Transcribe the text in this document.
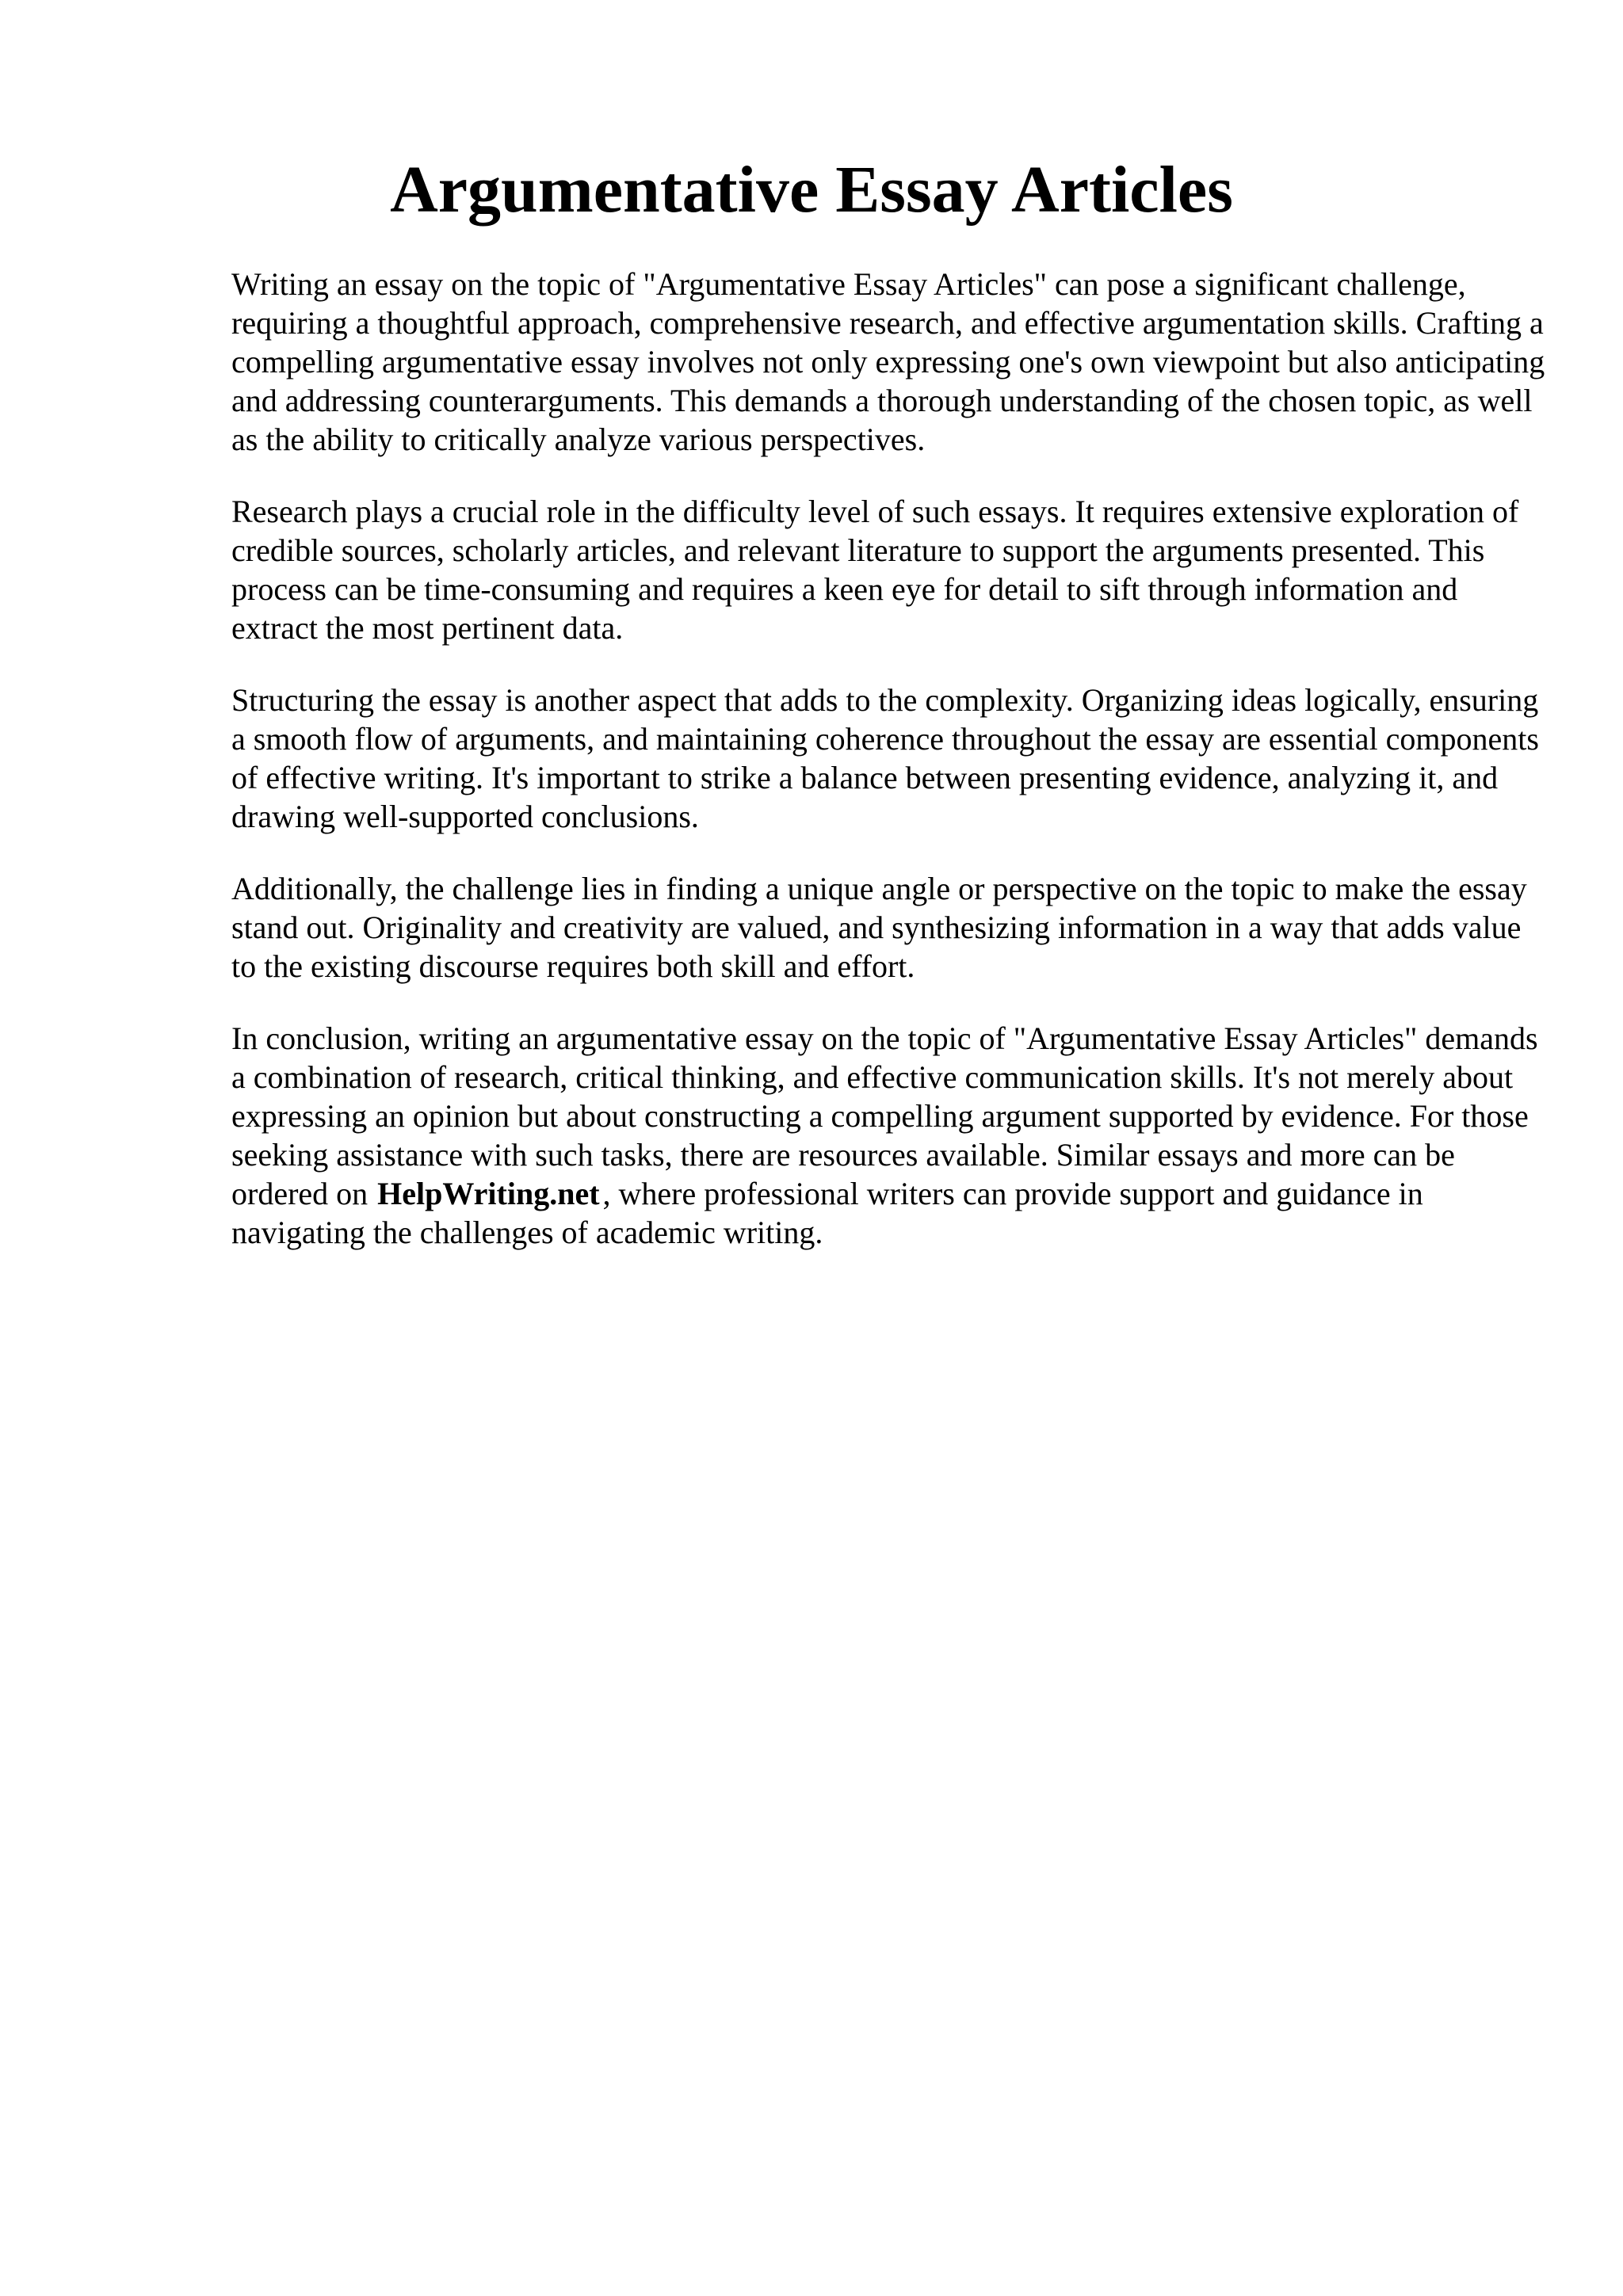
Argumentative Essay Articles

Writing an essay on the topic of "Argumentative Essay Articles" can pose a significant challenge, requiring a thoughtful approach, comprehensive research, and effective argumentation skills. Crafting a compelling argumentative essay involves not only expressing one's own viewpoint but also anticipating and addressing counterarguments. This demands a thorough understanding of the chosen topic, as well as the ability to critically analyze various perspectives.

Research plays a crucial role in the difficulty level of such essays. It requires extensive exploration of credible sources, scholarly articles, and relevant literature to support the arguments presented. This process can be time-consuming and requires a keen eye for detail to sift through information and extract the most pertinent data.

Structuring the essay is another aspect that adds to the complexity. Organizing ideas logically, ensuring a smooth flow of arguments, and maintaining coherence throughout the essay are essential components of effective writing. It's important to strike a balance between presenting evidence, analyzing it, and drawing well-supported conclusions.

Additionally, the challenge lies in finding a unique angle or perspective on the topic to make the essay stand out. Originality and creativity are valued, and synthesizing information in a way that adds value to the existing discourse requires both skill and effort.

In conclusion, writing an argumentative essay on the topic of "Argumentative Essay Articles" demands a combination of research, critical thinking, and effective communication skills. It's not merely about expressing an opinion but about constructing a compelling argument supported by evidence. For those seeking assistance with such tasks, there are resources available. Similar essays and more can be ordered on HelpWriting.net , where professional writers can provide support and guidance in navigating the challenges of academic writing.
